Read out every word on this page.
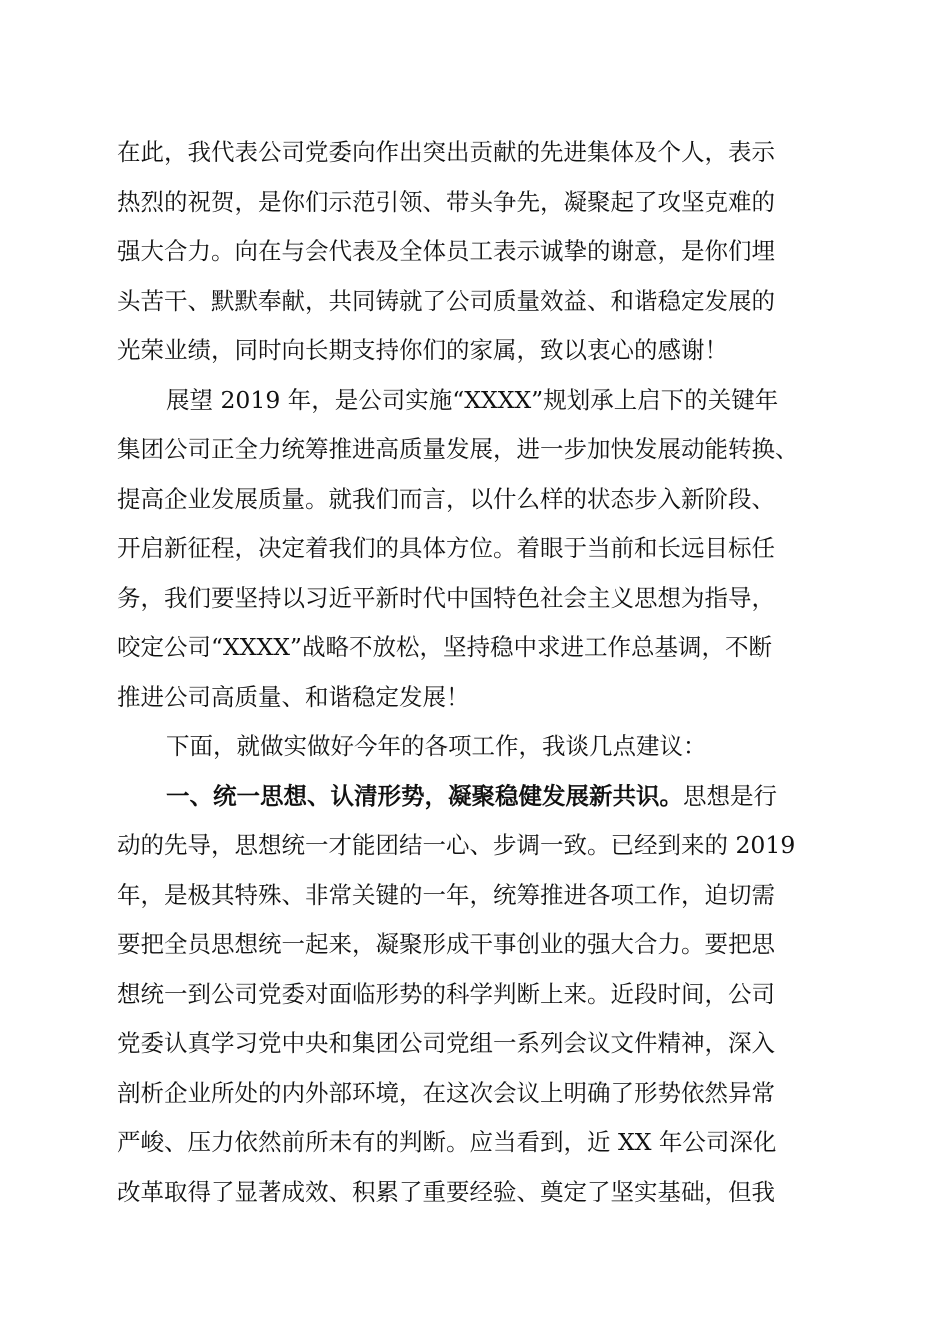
在此，我代表公司党委向作出突出贡献的先进集体及个人，表示
热烈的祝贺，是你们示范引领、带头争先，凝聚起了攻坚克难的
强大合力。向在与会代表及全体员工表示诚挚的谢意，是你们埋
头苦干、默默奉献，共同铸就了公司质量效益、和谐稳定发展的
光荣业绩，同时向长期支持你们的家属，致以衷心的感谢！
展望 2019 年，是公司实施“XXXX”规划承上启下的关键年
集团公司正全力统筹推进高质量发展，进一步加快发展动能转换、
提高企业发展质量。就我们而言，以什么样的状态步入新阶段、
开启新征程，决定着我们的具体方位。着眼于当前和长远目标任
务，我们要坚持以习近平新时代中国特色社会主义思想为指导，
咬定公司“XXXX”战略不放松，坚持稳中求进工作总基调，不断
推进公司高质量、和谐稳定发展！
下面，就做实做好今年的各项工作，我谈几点建议：
一、统一思想、认清形势，凝聚稳健发展新共识。思想是行
动的先导，思想统一才能团结一心、步调一致。已经到来的 2019
年，是极其特殊、非常关键的一年，统筹推进各项工作，迫切需
要把全员思想统一起来，凝聚形成干事创业的强大合力。要把思
想统一到公司党委对面临形势的科学判断上来。近段时间，公司
党委认真学习党中央和集团公司党组一系列会议文件精神，深入
剖析企业所处的内外部环境，在这次会议上明确了形势依然异常
严峻、压力依然前所未有的判断。应当看到，近 XX 年公司深化
改革取得了显著成效、积累了重要经验、奠定了坚实基础，但我
